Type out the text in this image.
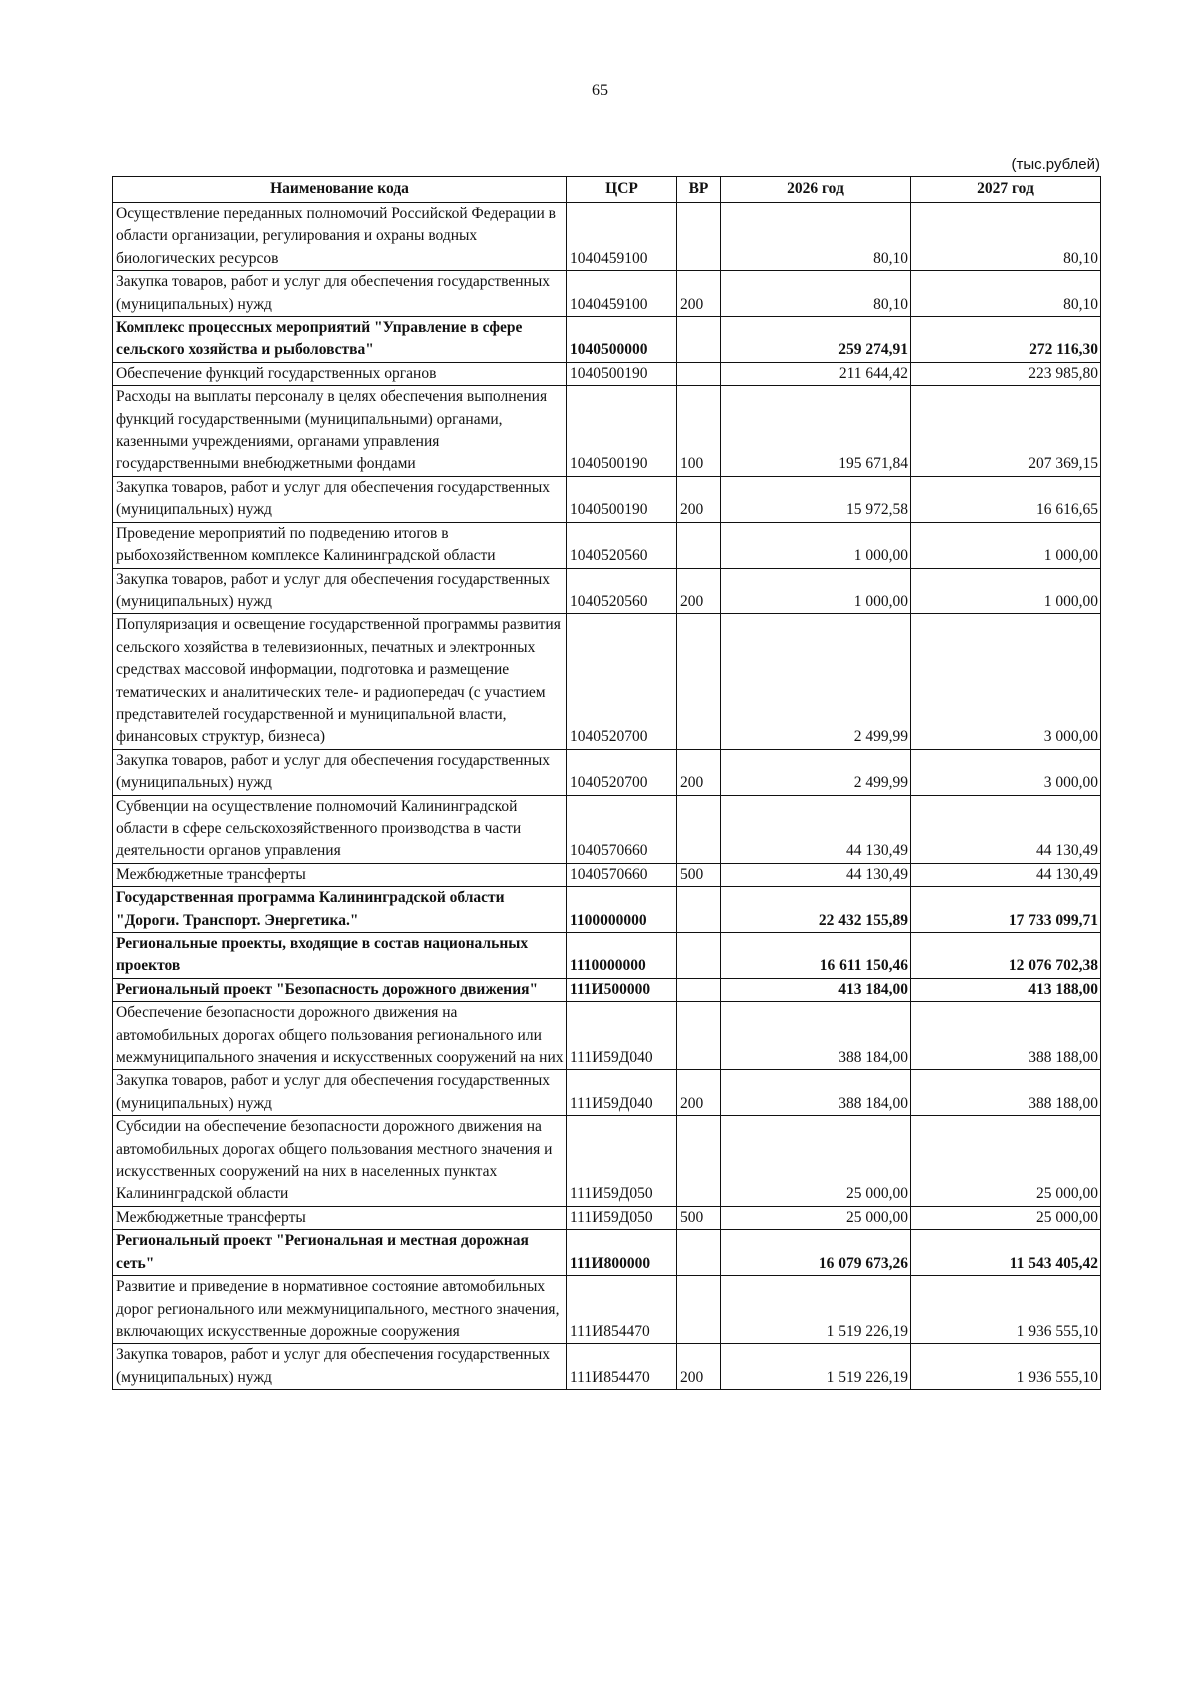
65
(тыс.рублей)
Наименование кода	ЦСР	ВР	2026 год	2027 год
Осуществление переданных полномочий Российской Федерации в области организации, регулирования и охраны водных биологических ресурсов	1040459100		80,10	80,10
Закупка товаров, работ и услуг для обеспечения государственных (муниципальных) нужд	1040459100	200	80,10	80,10
Комплекс процессных мероприятий "Управление в сфере сельского хозяйства и рыболовства"	1040500000		259 274,91	272 116,30
Обеспечение функций государственных органов	1040500190		211 644,42	223 985,80
Расходы на выплаты персоналу в целях обеспечения выполнения функций государственными (муниципальными) органами, казенными учреждениями, органами управления государственными внебюджетными фондами	1040500190	100	195 671,84	207 369,15
Закупка товаров, работ и услуг для обеспечения государственных (муниципальных) нужд	1040500190	200	15 972,58	16 616,65
Проведение мероприятий по подведению итогов в рыбохозяйственном комплексе Калининградской области	1040520560		1 000,00	1 000,00
Закупка товаров, работ и услуг для обеспечения государственных (муниципальных) нужд	1040520560	200	1 000,00	1 000,00
Популяризация и освещение государственной программы развития сельского хозяйства в телевизионных, печатных и электронных средствах массовой информации, подготовка и размещение тематических и аналитических теле- и радиопередач (с участием представителей государственной и муниципальной власти, финансовых структур, бизнеса)	1040520700		2 499,99	3 000,00
Закупка товаров, работ и услуг для обеспечения государственных (муниципальных) нужд	1040520700	200	2 499,99	3 000,00
Субвенции на осуществление полномочий Калининградской области в сфере сельскохозяйственного производства в части деятельности органов управления	1040570660		44 130,49	44 130,49
Межбюджетные трансферты	1040570660	500	44 130,49	44 130,49
Государственная программа Калининградской области "Дороги. Транспорт. Энергетика."	1100000000		22 432 155,89	17 733 099,71
Региональные проекты, входящие в состав национальных проектов	1110000000		16 611 150,46	12 076 702,38
Региональный проект "Безопасность дорожного движения"	111И500000		413 184,00	413 188,00
Обеспечение безопасности дорожного движения на автомобильных дорогах общего пользования регионального или межмуниципального значения и искусственных сооружений на них	111И59Д040		388 184,00	388 188,00
Закупка товаров, работ и услуг для обеспечения государственных (муниципальных) нужд	111И59Д040	200	388 184,00	388 188,00
Субсидии на обеспечение безопасности дорожного движения на автомобильных дорогах общего пользования местного значения и искусственных сооружений на них в населенных пунктах Калининградской области	111И59Д050		25 000,00	25 000,00
Межбюджетные трансферты	111И59Д050	500	25 000,00	25 000,00
Региональный проект "Региональная и местная дорожная сеть"	111И800000		16 079 673,26	11 543 405,42
Развитие и приведение в нормативное состояние автомобильных дорог регионального или межмуниципального, местного значения, включающих искусственные дорожные сооружения	111И854470		1 519 226,19	1 936 555,10
Закупка товаров, работ и услуг для обеспечения государственных (муниципальных) нужд	111И854470	200	1 519 226,19	1 936 555,10
